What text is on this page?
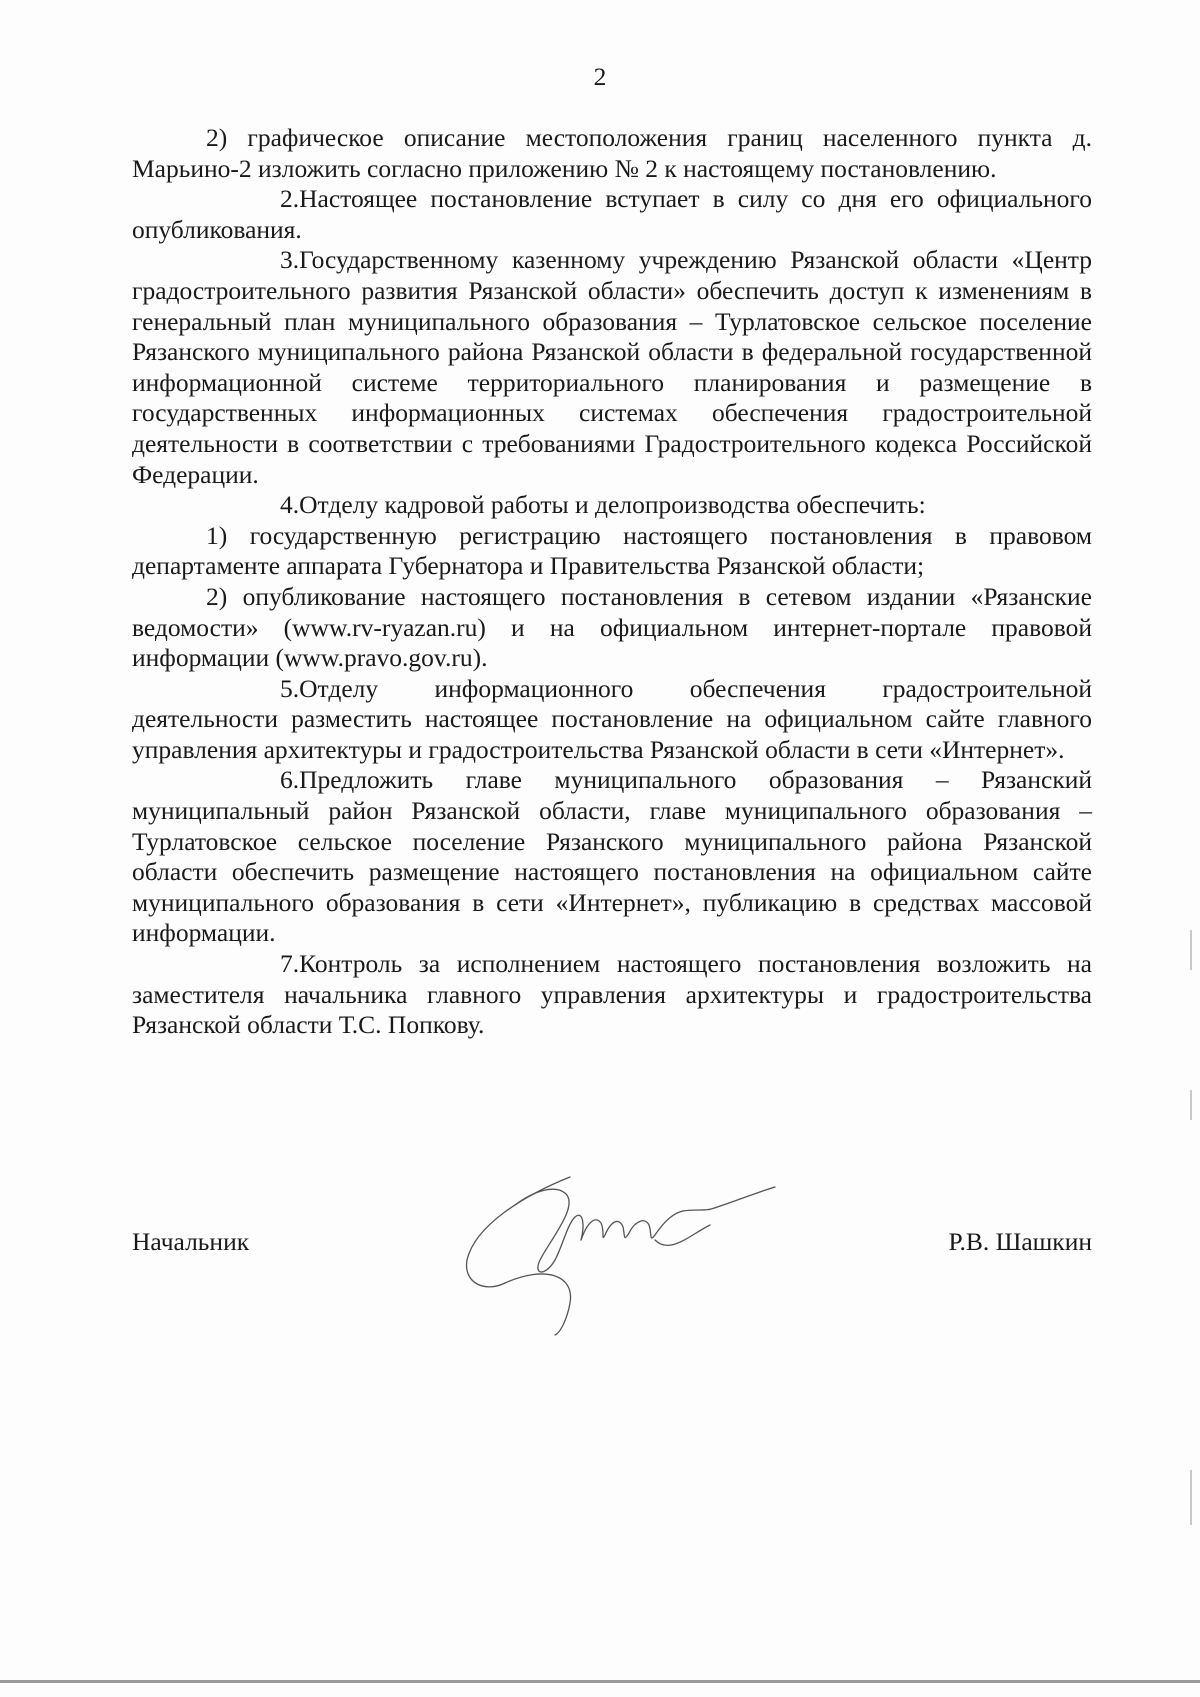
2

2) графическое описание местоположения границ населенного пункта д. Марьино-2 изложить согласно приложению № 2 к настоящему постановлению.

2.Настоящее постановление вступает в силу со дня его официального опубликования.

3.Государственному казенному учреждению Рязанской области «Центр градостроительного развития Рязанской области» обеспечить доступ к изменениям в генеральный план муниципального образования – Турлатовское сельское поселение Рязанского муниципального района Рязанской области в федеральной государственной информационной системе территориального планирования и размещение в государственных информационных системах обеспечения градостроительной деятельности в соответствии с требованиями Градостроительного кодекса Российской Федерации.

4.Отделу кадровой работы и делопроизводства обеспечить:

1) государственную регистрацию настоящего постановления в правовом департаменте аппарата Губернатора и Правительства Рязанской области;

2) опубликование настоящего постановления в сетевом издании «Рязанские ведомости» (www.rv-ryazan.ru) и на официальном интернет-портале правовой информации (www.pravo.gov.ru).

5.Отделу информационного обеспечения градостроительной деятельности разместить настоящее постановление на официальном сайте главного управления архитектуры и градостроительства Рязанской области в сети «Интернет».

6.Предложить главе муниципального образования – Рязанский муниципальный район Рязанской области, главе муниципального образования – Турлатовское сельское поселение Рязанского муниципального района Рязанской области обеспечить размещение настоящего постановления на официальном сайте муниципального образования в сети «Интернет», публикацию в средствах массовой информации.

7.Контроль за исполнением настоящего постановления возложить на заместителя начальника главного управления архитектуры и градостроительства Рязанской области Т.С. Попкову.

Начальник	Р.В. Шашкин
